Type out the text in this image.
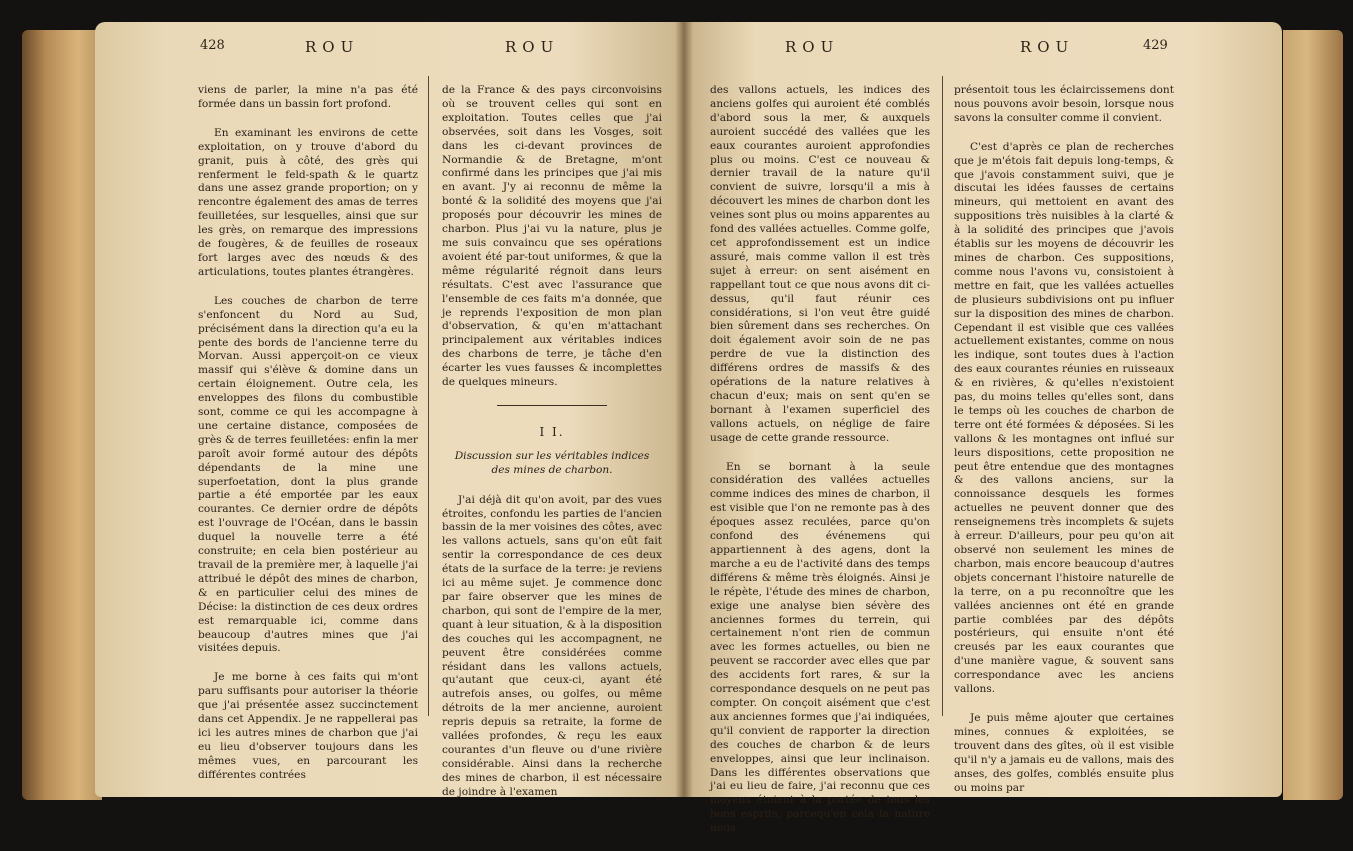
428	ROU	ROU	ROU	ROU	429

viens de parler, la mine n'a pas été formée dans un bassin fort profond.

En examinant les environs de cette exploitation, on y trouve d'abord du granit, puis à côté, des grès qui renferment le feld-spath & le quartz dans une assez grande proportion; on y rencontre également des amas de terres feuilletées, sur lesquelles, ainsi que sur les grès, on remarque des impressions de fougères, & de feuilles de roseaux fort larges avec des nœuds & des articulations, toutes plantes étrangères.

Les couches de charbon de terre s'enfoncent du Nord au Sud, précisément dans la direction qu'a eu la pente des bords de l'ancienne terre du Morvan. Aussi apperçoit-on ce vieux massif qui s'élève & domine dans un certain éloignement. Outre cela, les enveloppes des filons du combustible sont, comme ce qui les accompagne à une certaine distance, composées de grès & de terres feuilletées: enfin la mer paroît avoir formé autour des dépôts dépendants de la mine une superfoetation, dont la plus grande partie a été emportée par les eaux courantes. Ce dernier ordre de dépôts est l'ouvrage de l'Océan, dans le bassin duquel la nouvelle terre a été construite; en cela bien postérieur au travail de la première mer, à laquelle j'ai attribué le dépôt des mines de charbon, & en particulier celui des mines de Décise: la distinction de ces deux ordres est remarquable ici, comme dans beaucoup d'autres mines que j'ai visitées depuis.

Je me borne à ces faits qui m'ont paru suffisants pour autoriser la théorie que j'ai présentée assez succinctement dans cet Appendix. Je ne rappellerai pas ici les autres mines de charbon que j'ai eu lieu d'observer toujours dans les mêmes vues, en parcourant les différentes contrées

de la France & des pays circonvoisins où se trouvent celles qui sont en exploitation. Toutes celles que j'ai observées, soit dans les Vosges, soit dans les ci-devant provinces de Normandie & de Bretagne, m'ont confirmé dans les principes que j'ai mis en avant. J'y ai reconnu de même la bonté & la solidité des moyens que j'ai proposés pour découvrir les mines de charbon. Plus j'ai vu la nature, plus je me suis convaincu que ses opérations avoient été par-tout uniformes, & que la même régularité régnoit dans leurs résultats. C'est avec l'assurance que l'ensemble de ces faits m'a donnée, que je reprends l'exposition de mon plan d'observation, & qu'en m'attachant principalement aux véritables indices des charbons de terre, je tâche d'en écarter les vues fausses & incomplettes de quelques mineurs.

I I.
Discussion sur les véritables indices des mines de charbon.

J'ai déjà dit qu'on avoit, par des vues étroites, confondu les parties de l'ancien bassin de la mer voisines des côtes, avec les vallons actuels, sans qu'on eût fait sentir la correspondance de ces deux états de la surface de la terre: je reviens ici au même sujet. Je commence donc par faire observer que les mines de charbon, qui sont de l'empire de la mer, quant à leur situation, & à la disposition des couches qui les accompagnent, ne peuvent être considérées comme résidant dans les vallons actuels, qu'autant que ceux-ci, ayant été autrefois anses, ou golfes, ou même détroits de la mer ancienne, auroient repris depuis sa retraite, la forme de vallées profondes, & reçu les eaux courantes d'un fleuve ou d'une rivière considérable. Ainsi dans la recherche des mines de charbon, il est nécessaire de joindre à l'examen

des vallons actuels, les indices des anciens golfes qui auroient été comblés d'abord sous la mer, & auxquels auroient succédé des vallées que les eaux courantes auroient approfondies plus ou moins. C'est ce nouveau & dernier travail de la nature qu'il convient de suivre, lorsqu'il a mis à découvert les mines de charbon dont les veines sont plus ou moins apparentes au fond des vallées actuelles. Comme golfe, cet approfondissement est un indice assuré, mais comme vallon il est très sujet à erreur: on sent aisément en rappellant tout ce que nous avons dit ci-dessus, qu'il faut réunir ces considérations, si l'on veut être guidé bien sûrement dans ses recherches. On doit également avoir soin de ne pas perdre de vue la distinction des différens ordres de massifs & des opérations de la nature relatives à chacun d'eux; mais on sent qu'en se bornant à l'examen superficiel des vallons actuels, on néglige de faire usage de cette grande ressource.

En se bornant à la seule considération des vallées actuelles comme indices des mines de charbon, il est visible que l'on ne remonte pas à des époques assez reculées, parce qu'on confond des événemens qui appartiennent à des agens, dont la marche a eu de l'activité dans des temps différens & même très éloignés. Ainsi je le répète, l'étude des mines de charbon, exige une analyse bien sévère des anciennes formes du terrein, qui certainement n'ont rien de commun avec les formes actuelles, ou bien ne peuvent se raccorder avec elles que par des accidents fort rares, & sur la correspondance desquels on ne peut pas compter. On conçoit aisément que c'est aux anciennes formes que j'ai indiquées, qu'il convient de rapporter la direction des couches de charbon & de leurs enveloppes, ainsi que leur inclinaison. Dans les différentes observations que j'ai eu lieu de faire, j'ai reconnu que ces moyens étoient à la portée de tous les bons esprits, parcequ'en cela la nature nous

présentoit tous les éclaircissemens dont nous pouvons avoir besoin, lorsque nous savons la consulter comme il convient.

C'est d'après ce plan de recherches que je m'étois fait depuis long-temps, & que j'avois constamment suivi, que je discutai les idées fausses de certains mineurs, qui mettoient en avant des suppositions très nuisibles à la clarté & à la solidité des principes que j'avois établis sur les moyens de découvrir les mines de charbon. Ces suppositions, comme nous l'avons vu, consistoient à mettre en fait, que les vallées actuelles de plusieurs subdivisions ont pu influer sur la disposition des mines de charbon. Cependant il est visible que ces vallées actuellement existantes, comme on nous les indique, sont toutes dues à l'action des eaux courantes réunies en ruisseaux & en rivières, & qu'elles n'existoient pas, du moins telles qu'elles sont, dans le temps où les couches de charbon de terre ont été formées & déposées. Si les vallons & les montagnes ont influé sur leurs dispositions, cette proposition ne peut être entendue que des montagnes & des vallons anciens, sur la connoissance desquels les formes actuelles ne peuvent donner que des renseignemens très incomplets & sujets à erreur. D'ailleurs, pour peu qu'on ait observé non seulement les mines de charbon, mais encore beaucoup d'autres objets concernant l'histoire naturelle de la terre, on a pu reconnoître que les vallées anciennes ont été en grande partie comblées par des dépôts postérieurs, qui ensuite n'ont été creusés par les eaux courantes que d'une manière vague, & souvent sans correspondance avec les anciens vallons.

Je puis même ajouter que certaines mines, connues & exploitées, se trouvent dans des gîtes, où il est visible qu'il n'y a jamais eu de vallons, mais des anses, des golfes, comblés ensuite plus ou moins par
